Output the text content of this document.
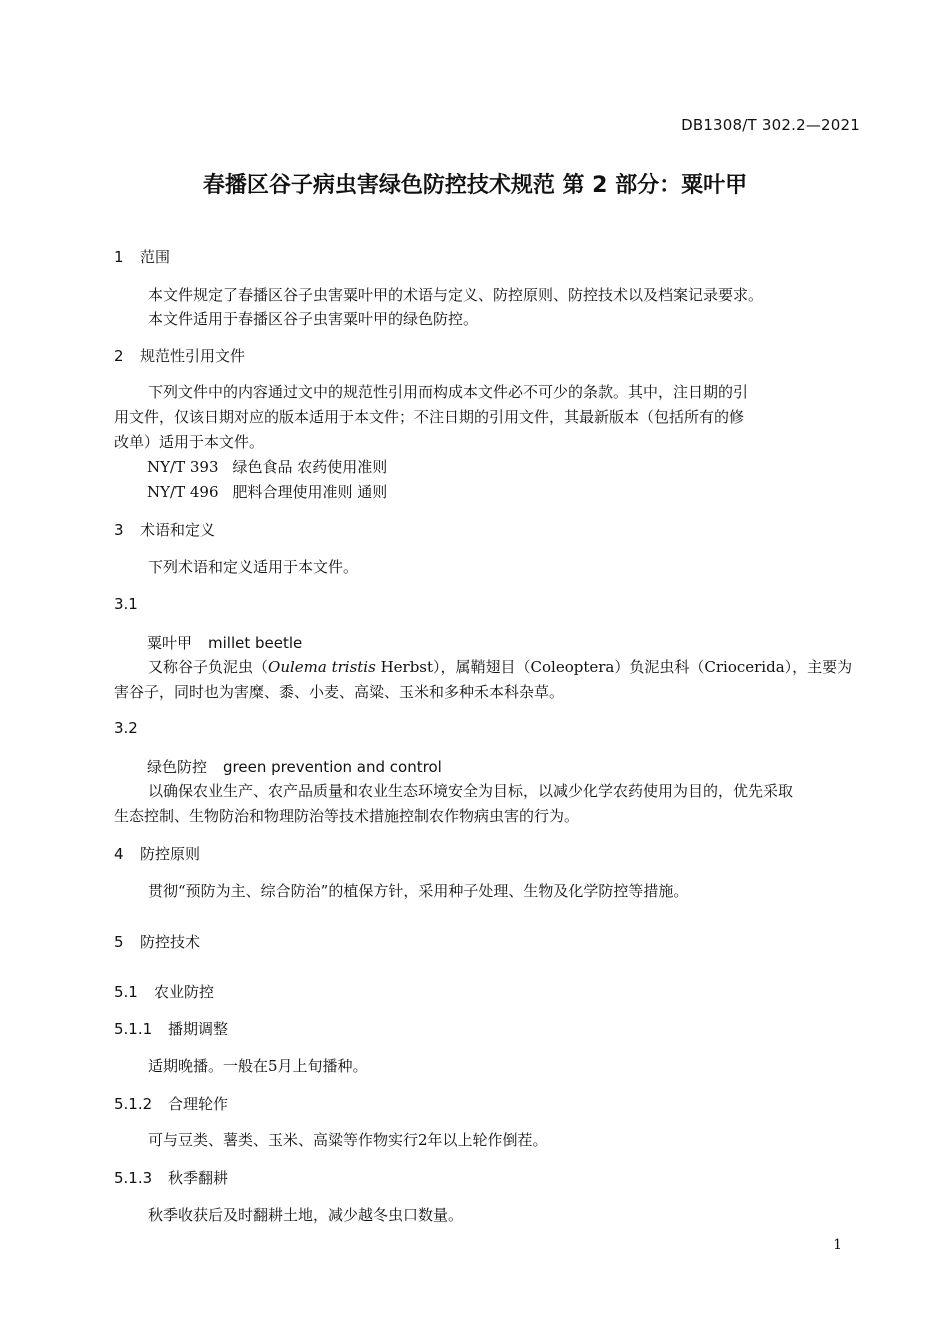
DB1308/T 302.2—2021
春播区谷子病虫害绿色防控技术规范 第 2 部分：粟叶甲
1 范围
本文件规定了春播区谷子虫害粟叶甲的术语与定义、防控原则、防控技术以及档案记录要求。
本文件适用于春播区谷子虫害粟叶甲的绿色防控。
2 规范性引用文件
下列文件中的内容通过文中的规范性引用而构成本文件必不可少的条款。其中，注日期的引
用文件，仅该日期对应的版本适用于本文件；不注日期的引用文件，其最新版本（包括所有的修
改单）适用于本文件。
NY/T 393 绿色食品 农药使用准则
NY/T 496 肥料合理使用准则 通则
3 术语和定义
下列术语和定义适用于本文件。
3.1
粟叶甲 millet beetle
又称谷子负泥虫（Oulema tristis Herbst），属鞘翅目（Coleoptera）负泥虫科（Criocerida），主要为
害谷子，同时也为害糜、黍、小麦、高粱、玉米和多种禾本科杂草。
3.2
绿色防控 green prevention and control
以确保农业生产、农产品质量和农业生态环境安全为目标，以减少化学农药使用为目的，优先采取
生态控制、生物防治和物理防治等技术措施控制农作物病虫害的行为。
4 防控原则
贯彻“预防为主、综合防治”的植保方针，采用种子处理、生物及化学防控等措施。
5 防控技术
5.1 农业防控
5.1.1 播期调整
适期晚播。一般在5月上旬播种。
5.1.2 合理轮作
可与豆类、薯类、玉米、高粱等作物实行2年以上轮作倒茬。
5.1.3 秋季翻耕
秋季收获后及时翻耕土地，减少越冬虫口数量。
1
